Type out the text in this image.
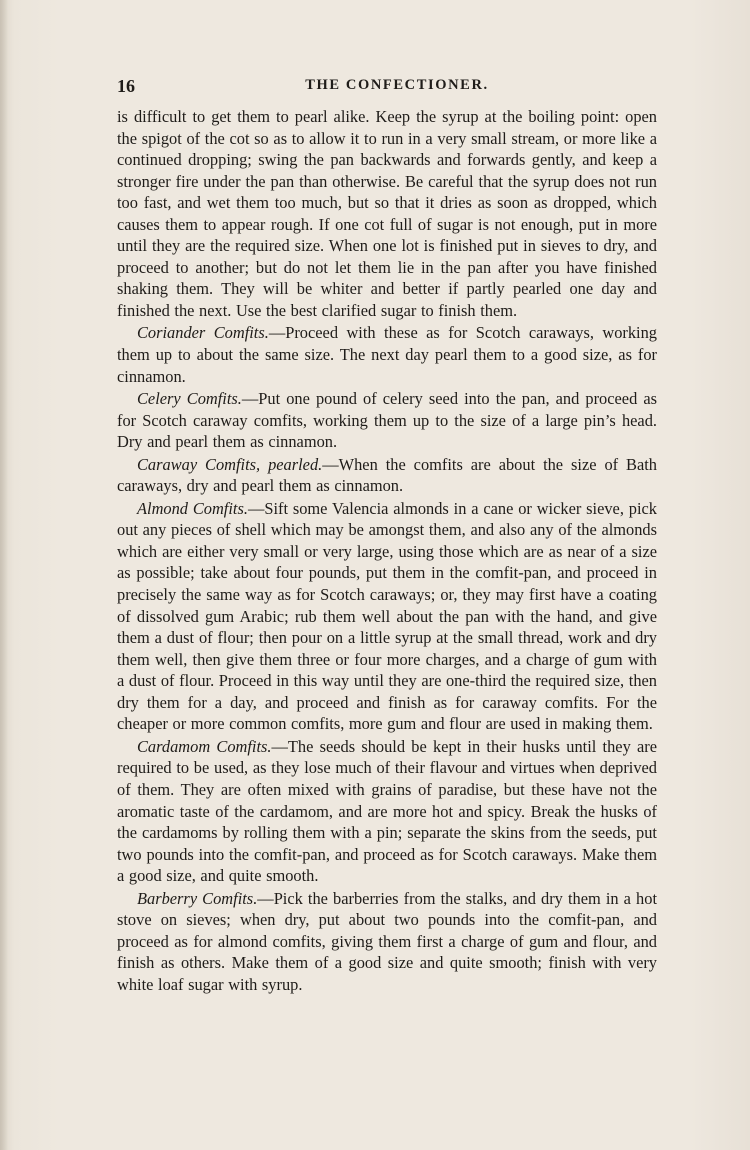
16	THE CONFECTIONER.

is difficult to get them to pearl alike. Keep the syrup at the boiling point: open the spigot of the cot so as to allow it to run in a very small stream, or more like a continued dropping; swing the pan backwards and forwards gently, and keep a stronger fire under the pan than otherwise. Be careful that the syrup does not run too fast, and wet them too much, but so that it dries as soon as dropped, which causes them to appear rough. If one cot full of sugar is not enough, put in more until they are the required size. When one lot is finished put in sieves to dry, and proceed to another; but do not let them lie in the pan after you have finished shaking them. They will be whiter and better if partly pearled one day and finished the next. Use the best clarified sugar to finish them.

Coriander Comfits.—Proceed with these as for Scotch caraways, working them up to about the same size. The next day pearl them to a good size, as for cinnamon.

Celery Comfits.—Put one pound of celery seed into the pan, and proceed as for Scotch caraway comfits, working them up to the size of a large pin’s head. Dry and pearl them as cinnamon.

Caraway Comfits, pearled.—When the comfits are about the size of Bath caraways, dry and pearl them as cinnamon.

Almond Comfits.—Sift some Valencia almonds in a cane or wicker sieve, pick out any pieces of shell which may be amongst them, and also any of the almonds which are either very small or very large, using those which are as near of a size as possible; take about four pounds, put them in the comfit-pan, and proceed in precisely the same way as for Scotch caraways; or, they may first have a coating of dissolved gum Arabic; rub them well about the pan with the hand, and give them a dust of flour; then pour on a little syrup at the small thread, work and dry them well, then give them three or four more charges, and a charge of gum with a dust of flour. Proceed in this way until they are one-third the required size, then dry them for a day, and proceed and finish as for caraway comfits. For the cheaper or more common comfits, more gum and flour are used in making them.

Cardamom Comfits.—The seeds should be kept in their husks until they are required to be used, as they lose much of their flavour and virtues when deprived of them. They are often mixed with grains of paradise, but these have not the aromatic taste of the cardamom, and are more hot and spicy. Break the husks of the cardamoms by rolling them with a pin; separate the skins from the seeds, put two pounds into the comfit-pan, and proceed as for Scotch caraways. Make them a good size, and quite smooth.

Barberry Comfits.—Pick the barberries from the stalks, and dry them in a hot stove on sieves; when dry, put about two pounds into the comfit-pan, and proceed as for almond comfits, giving them first a charge of gum and flour, and finish as others. Make them of a good size and quite smooth; finish with very white loaf sugar with syrup.
